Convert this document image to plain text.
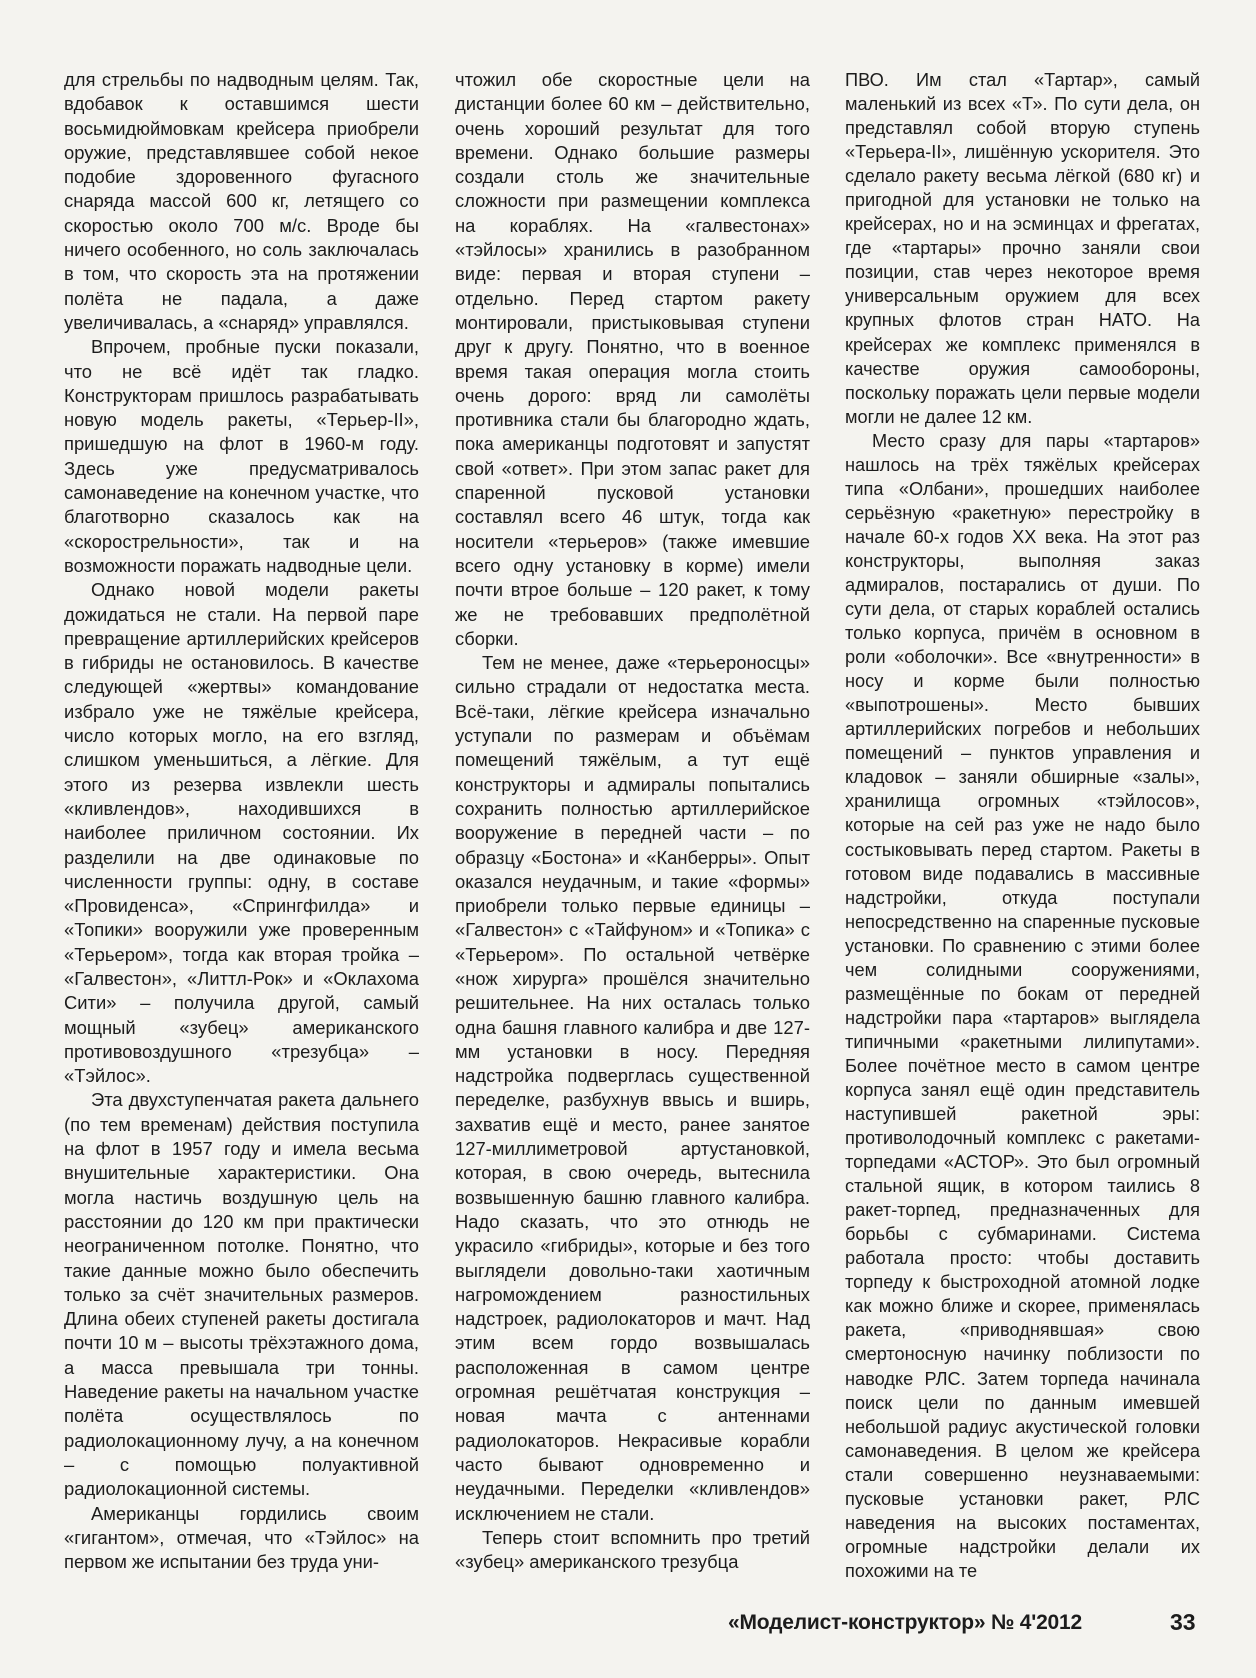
для стрельбы по надводным целям. Так, вдобавок к оставшимся шести восьмидюймовкам крейсера приобрели оружие, представлявшее собой некое подобие здоровенного фугасного снаряда массой 600 кг, летящего со скоростью около 700 м/с. Вроде бы ничего особенного, но соль заключалась в том, что скорость эта на протяжении полёта не падала, а даже увеличивалась, а «снаряд» управлялся.

Впрочем, пробные пуски показали, что не всё идёт так гладко. Конструкторам пришлось разрабатывать новую модель ракеты, «Терьер-II», пришедшую на флот в 1960-м году. Здесь уже предусматривалось самонаведение на конечном участке, что благотворно сказалось как на «скорострельности», так и на возможности поражать надводные цели.

Однако новой модели ракеты дожидаться не стали. На первой паре превращение артиллерийских крейсеров в гибриды не остановилось. В качестве следующей «жертвы» командование избрало уже не тяжёлые крейсера, число которых могло, на его взгляд, слишком уменьшиться, а лёгкие. Для этого из резерва извлекли шесть «кливлендов», находившихся в наиболее приличном состоянии. Их разделили на две одинаковые по численности группы: одну, в составе «Провиденса», «Спрингфилда» и «Топики» вооружили уже проверенным «Терьером», тогда как вторая тройка – «Галвестон», «Литтл-Рок» и «Оклахома Сити» – получила другой, самый мощный «зубец» американского противовоздушного «трезубца» – «Тэйлос».

Эта двухступенчатая ракета дальнего (по тем временам) действия поступила на флот в 1957 году и имела весьма внушительные характеристики. Она могла настичь воздушную цель на расстоянии до 120 км при практически неограниченном потолке. Понятно, что такие данные можно было обеспечить только за счёт значительных размеров. Длина обеих ступеней ракеты достигала почти 10 м – высоты трёхэтажного дома, а масса превышала три тонны. Наведение ракеты на начальном участке полёта осуществлялось по радиолокационному лучу, а на конечном – с помощью полуактивной радиолокационной системы.

Американцы гордились своим «гигантом», отмечая, что «Тэйлос» на первом же испытании без труда уни-

чтожил обе скоростные цели на дистанции более 60 км – действительно, очень хороший результат для того времени. Однако большие размеры создали столь же значительные сложности при размещении комплекса на кораблях. На «галвестонах» «тэйлосы» хранились в разобранном виде: первая и вторая ступени – отдельно. Перед стартом ракету монтировали, пристыковывая ступени друг к другу. Понятно, что в военное время такая операция могла стоить очень дорого: вряд ли самолёты противника стали бы благородно ждать, пока американцы подготовят и запустят свой «ответ». При этом запас ракет для спаренной пусковой установки составлял всего 46 штук, тогда как носители «терьеров» (также имевшие всего одну установку в корме) имели почти втрое больше – 120 ракет, к тому же не требовавших предполётной сборки.

Тем не менее, даже «терьероносцы» сильно страдали от недостатка места. Всё-таки, лёгкие крейсера изначально уступали по размерам и объёмам помещений тяжёлым, а тут ещё конструкторы и адмиралы попытались сохранить полностью артиллерийское вооружение в передней части – по образцу «Бостона» и «Канберры». Опыт оказался неудачным, и такие «формы» приобрели только первые единицы – «Галвестон» с «Тайфуном» и «Топика» с «Терьером». По остальной четвёрке «нож хирурга» прошёлся значительно решительнее. На них осталась только одна башня главного калибра и две 127-мм установки в носу. Передняя надстройка подверглась существенной переделке, разбухнув ввысь и вширь, захватив ещё и место, ранее занятое 127-миллиметровой артустановкой, которая, в свою очередь, вытеснила возвышенную башню главного калибра. Надо сказать, что это отнюдь не украсило «гибриды», которые и без того выглядели довольно-таки хаотичным нагромождением разностильных надстроек, радиолокаторов и мачт. Над этим всем гордо возвышалась расположенная в самом центре огромная решётчатая конструкция – новая мачта с антеннами радиолокаторов. Некрасивые корабли часто бывают одновременно и неудачными. Переделки «кливлендов» исключением не стали.

Теперь стоит вспомнить про третий «зубец» американского трезубца

ПВО. Им стал «Тартар», самый маленький из всех «Т». По сути дела, он представлял собой вторую ступень «Терьера-II», лишённую ускорителя. Это сделало ракету весьма лёгкой (680 кг) и пригодной для установки не только на крейсерах, но и на эсминцах и фрегатах, где «тартары» прочно заняли свои позиции, став через некоторое время универсальным оружием для всех крупных флотов стран НАТО. На крейсерах же комплекс применялся в качестве оружия самообороны, поскольку поражать цели первые модели могли не далее 12 км.

Место сразу для пары «тартаров» нашлось на трёх тяжёлых крейсерах типа «Олбани», прошедших наиболее серьёзную «ракетную» перестройку в начале 60-х годов XX века. На этот раз конструкторы, выполняя заказ адмиралов, постарались от души. По сути дела, от старых кораблей остались только корпуса, причём в основном в роли «оболочки». Все «внутренности» в носу и корме были полностью «выпотрошены». Место бывших артиллерийских погребов и небольших помещений – пунктов управления и кладовок – заняли обширные «залы», хранилища огромных «тэйлосов», которые на сей раз уже не надо было состыковывать перед стартом. Ракеты в готовом виде подавались в массивные надстройки, откуда поступали непосредственно на спаренные пусковые установки. По сравнению с этими более чем солидными сооружениями, размещённые по бокам от передней надстройки пара «тартаров» выглядела типичными «ракетными лилипутами». Более почётное место в самом центре корпуса занял ещё один представитель наступившей ракетной эры: противолодочный комплекс с ракетами-торпедами «АСТОР». Это был огромный стальной ящик, в котором таились 8 ракет-торпед, предназначенных для борьбы с субмаринами. Система работала просто: чтобы доставить торпеду к быстроходной атомной лодке как можно ближе и скорее, применялась ракета, «приводнявшая» свою смертоносную начинку поблизости по наводке РЛС. Затем торпеда начинала поиск цели по данным имевшей небольшой радиус акустической головки самонаведения. В целом же крейсера стали совершенно неузнаваемыми: пусковые установки ракет, РЛС наведения на высоких постаментах, огромные надстройки делали их похожими на те

«Моделист-конструктор» № 4'2012	33
